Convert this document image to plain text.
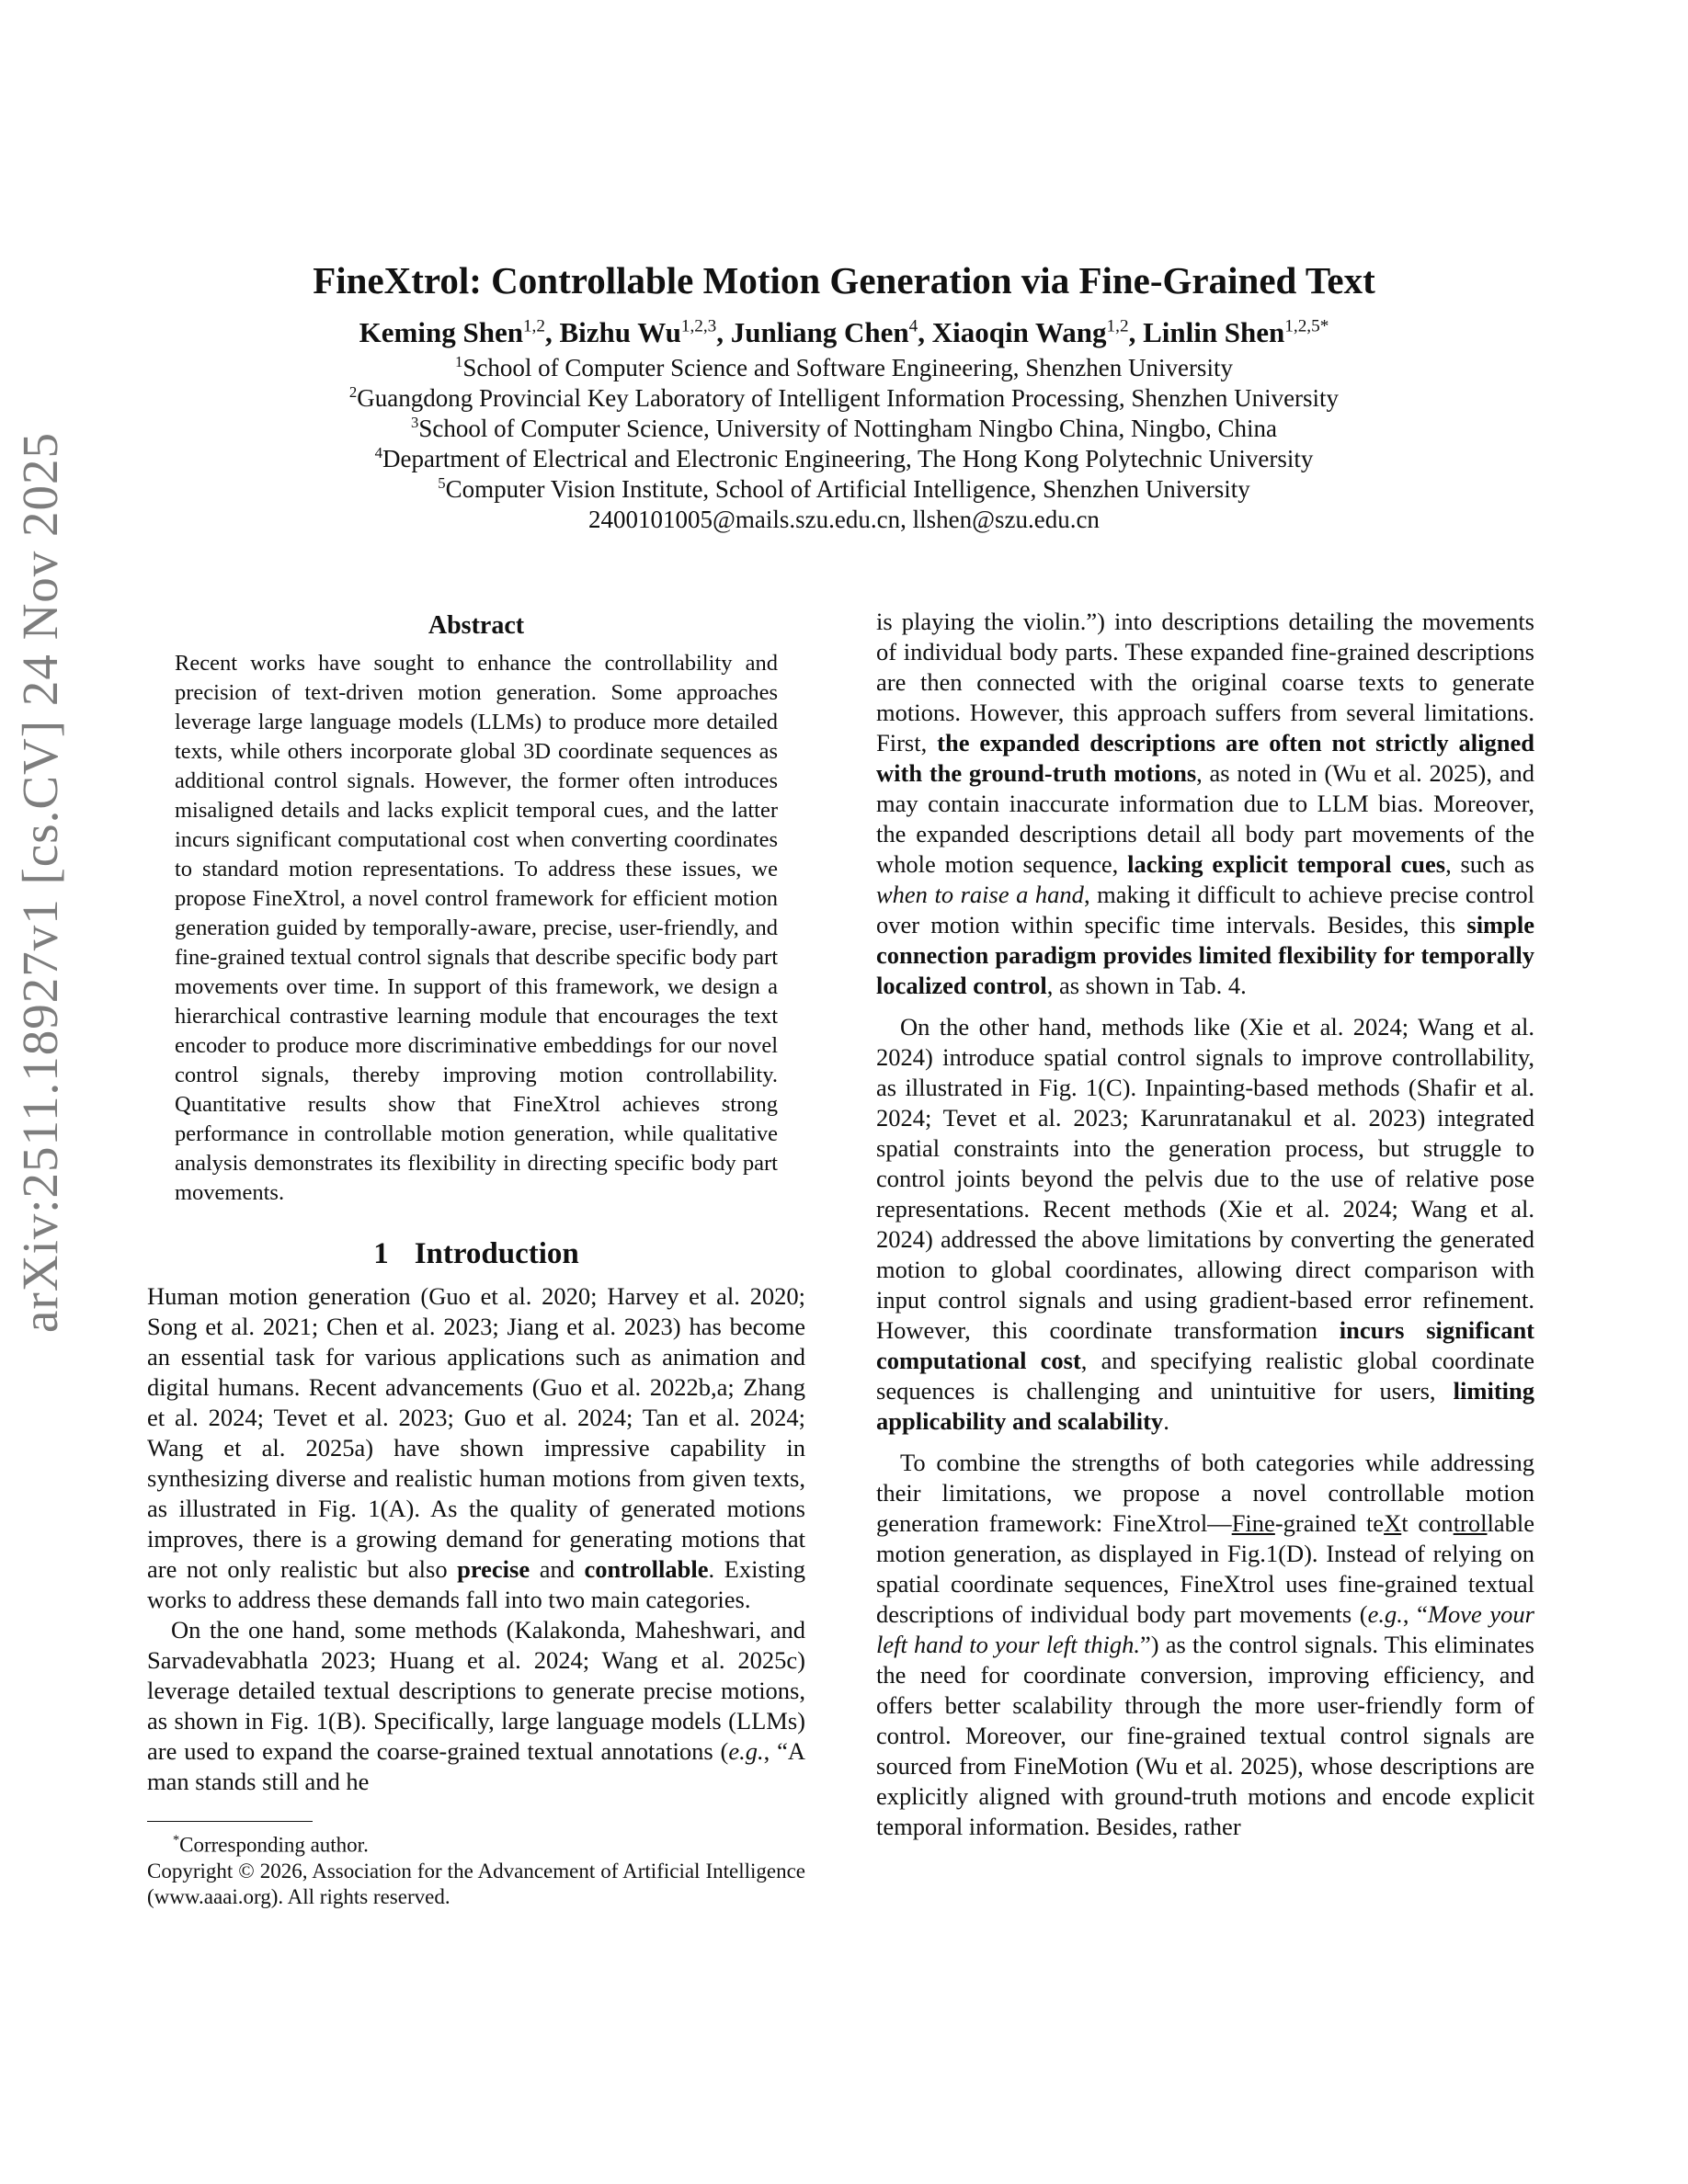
arXiv:2511.18927v1 [cs.CV] 24 Nov 2025
FineXtrol: Controllable Motion Generation via Fine-Grained Text
Keming Shen$^{1,2}$, Bizhu Wu$^{1,2,3}$, Junliang Chen$^4$, Xiaoqin Wang$^{1,2}$, Linlin Shen$^{1,2,5*}$
$^1$School of Computer Science and Software Engineering, Shenzhen University
$^2$Guangdong Provincial Key Laboratory of Intelligent Information Processing, Shenzhen University
$^3$School of Computer Science, University of Nottingham Ningbo China, Ningbo, China
$^4$Department of Electrical and Electronic Engineering, The Hong Kong Polytechnic University
$^5$Computer Vision Institute, School of Artificial Intelligence, Shenzhen University
2400101005@mails.szu.edu.cn, llshen@szu.edu.cn
Abstract

Recent works have sought to enhance the controllability and precision of text-driven motion generation. Some approaches leverage large language models (LLMs) to produce more detailed texts, while others incorporate global 3D coordinate sequences as additional control signals. However, the former often introduces misaligned details and lacks explicit temporal cues, and the latter incurs significant computational cost when converting coordinates to standard motion representations. To address these issues, we propose FineXtrol, a novel control framework for efficient motion generation guided by temporally-aware, precise, user-friendly, and fine-grained textual control signals that describe specific body part movements over time. In support of this framework, we design a hierarchical contrastive learning module that encourages the text encoder to produce more discriminative embeddings for our novel control signals, thereby improving motion controllability. Quantitative results show that FineXtrol achieves strong performance in controllable motion generation, while qualitative analysis demonstrates its flexibility in directing specific body part movements.

1 Introduction

Human motion generation (Guo et al. 2020; Harvey et al. 2020; Song et al. 2021; Chen et al. 2023; Jiang et al. 2023) has become an essential task for various applications such as animation and digital humans. Recent advancements (Guo et al. 2022b,a; Zhang et al. 2024; Tevet et al. 2023; Guo et al. 2024; Tan et al. 2024; Wang et al. 2025a) have shown impressive capability in synthesizing diverse and realistic human motions from given texts, as illustrated in Fig. 1(A). As the quality of generated motions improves, there is a growing demand for generating motions that are not only realistic but also precise and controllable. Existing works to address these demands fall into two main categories.

On the one hand, some methods (Kalakonda, Maheshwari, and Sarvadevabhatla 2023; Huang et al. 2024; Wang et al. 2025c) leverage detailed textual descriptions to generate precise motions, as shown in Fig. 1(B). Specifically, large language models (LLMs) are used to expand the coarse-grained textual annotations (e.g., “A man stands still and he

*Corresponding author.
Copyright © 2026, Association for the Advancement of Artificial Intelligence (www.aaai.org). All rights reserved.

is playing the violin.”) into descriptions detailing the movements of individual body parts. These expanded fine-grained descriptions are then connected with the original coarse texts to generate motions. However, this approach suffers from several limitations. First, the expanded descriptions are often not strictly aligned with the ground-truth motions, as noted in (Wu et al. 2025), and may contain inaccurate information due to LLM bias. Moreover, the expanded descriptions detail all body part movements of the whole motion sequence, lacking explicit temporal cues, such as when to raise a hand, making it difficult to achieve precise control over motion within specific time intervals. Besides, this simple connection paradigm provides limited flexibility for temporally localized control, as shown in Tab. 4.

On the other hand, methods like (Xie et al. 2024; Wang et al. 2024) introduce spatial control signals to improve controllability, as illustrated in Fig. 1(C). Inpainting-based methods (Shafir et al. 2024; Tevet et al. 2023; Karunratanakul et al. 2023) integrated spatial constraints into the generation process, but struggle to control joints beyond the pelvis due to the use of relative pose representations. Recent methods (Xie et al. 2024; Wang et al. 2024) addressed the above limitations by converting the generated motion to global coordinates, allowing direct comparison with input control signals and using gradient-based error refinement. However, this coordinate transformation incurs significant computational cost, and specifying realistic global coordinate sequences is challenging and unintuitive for users, limiting applicability and scalability.

To combine the strengths of both categories while addressing their limitations, we propose a novel controllable motion generation framework: FineXtrol—Fine-grained teXt controllable motion generation, as displayed in Fig.1(D). Instead of relying on spatial coordinate sequences, FineXtrol uses fine-grained textual descriptions of individual body part movements (e.g., “Move your left hand to your left thigh.”) as the control signals. This eliminates the need for coordinate conversion, improving efficiency, and offers better scalability through the more user-friendly form of control. Moreover, our fine-grained textual control signals are sourced from FineMotion (Wu et al. 2025), whose descriptions are explicitly aligned with ground-truth motions and encode explicit temporal information. Besides, rather
